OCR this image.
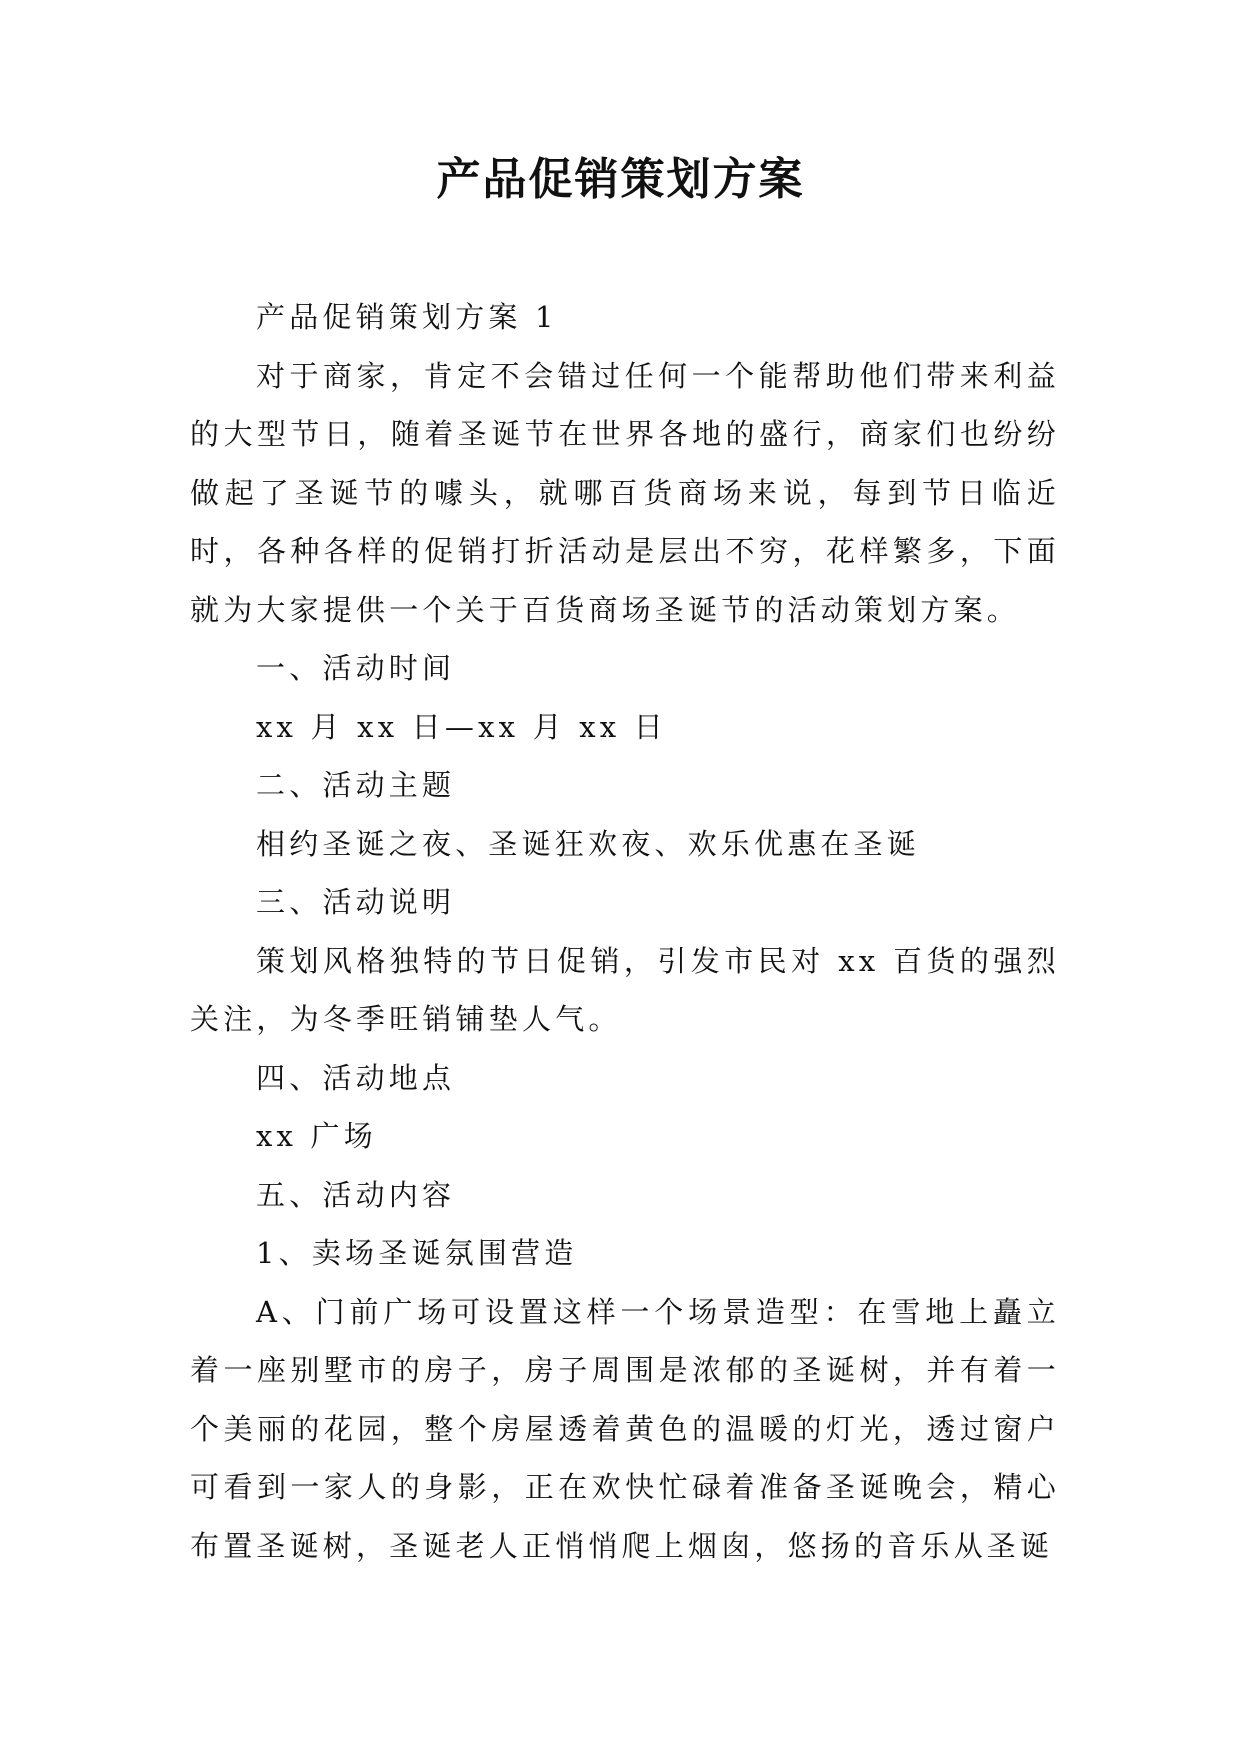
产品促销策划方案

产品促销策划方案 1

对于商家，肯定不会错过任何一个能帮助他们带来利益的大型节日，随着圣诞节在世界各地的盛行，商家们也纷纷做起了圣诞节的噱头，就哪百货商场来说，每到节日临近时，各种各样的促销打折活动是层出不穷，花样繁多，下面就为大家提供一个关于百货商场圣诞节的活动策划方案。

一、活动时间

xx 月 xx 日—xx 月 xx 日

二、活动主题

相约圣诞之夜、圣诞狂欢夜、欢乐优惠在圣诞

三、活动说明

策划风格独特的节日促销，引发市民对 xx 百货的强烈关注，为冬季旺销铺垫人气。

四、活动地点

xx 广场

五、活动内容

1、卖场圣诞氛围营造

A、门前广场可设置这样一个场景造型：在雪地上矗立着一座别墅市的房子，房子周围是浓郁的圣诞树，并有着一个美丽的花园，整个房屋透着黄色的温暖的灯光，透过窗户可看到一家人的身影，正在欢快忙碌着准备圣诞晚会，精心布置圣诞树，圣诞老人正悄悄爬上烟囱，悠扬的音乐从圣诞
